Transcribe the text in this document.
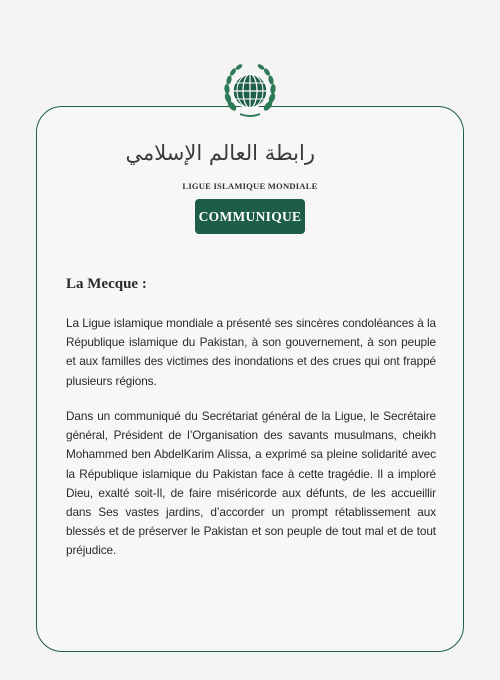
رابطة العالم الإسلامي
LIGUE ISLAMIQUE MONDIALE
COMMUNIQUE
La Mecque :

La Ligue islamique mondiale a présenté ses sincères condoléances à la République islamique du Pakistan, à son gouvernement, à son peuple et aux familles des victimes des inondations et des crues qui ont frappé plusieurs régions.

Dans un communiqué du Secrétariat général de la Ligue, le Secrétaire général, Président de l’Organisation des savants musulmans, cheikh Mohammed ben AbdelKarim Alissa, a exprimé sa pleine solidarité avec la République islamique du Pakistan face à cette tragédie. Il a imploré Dieu, exalté soit-Il, de faire miséricorde aux défunts, de les accueillir dans Ses vastes jardins, d’accorder un prompt rétablissement aux blessés et de préserver le Pakistan et son peuple de tout mal et de tout préjudice.
